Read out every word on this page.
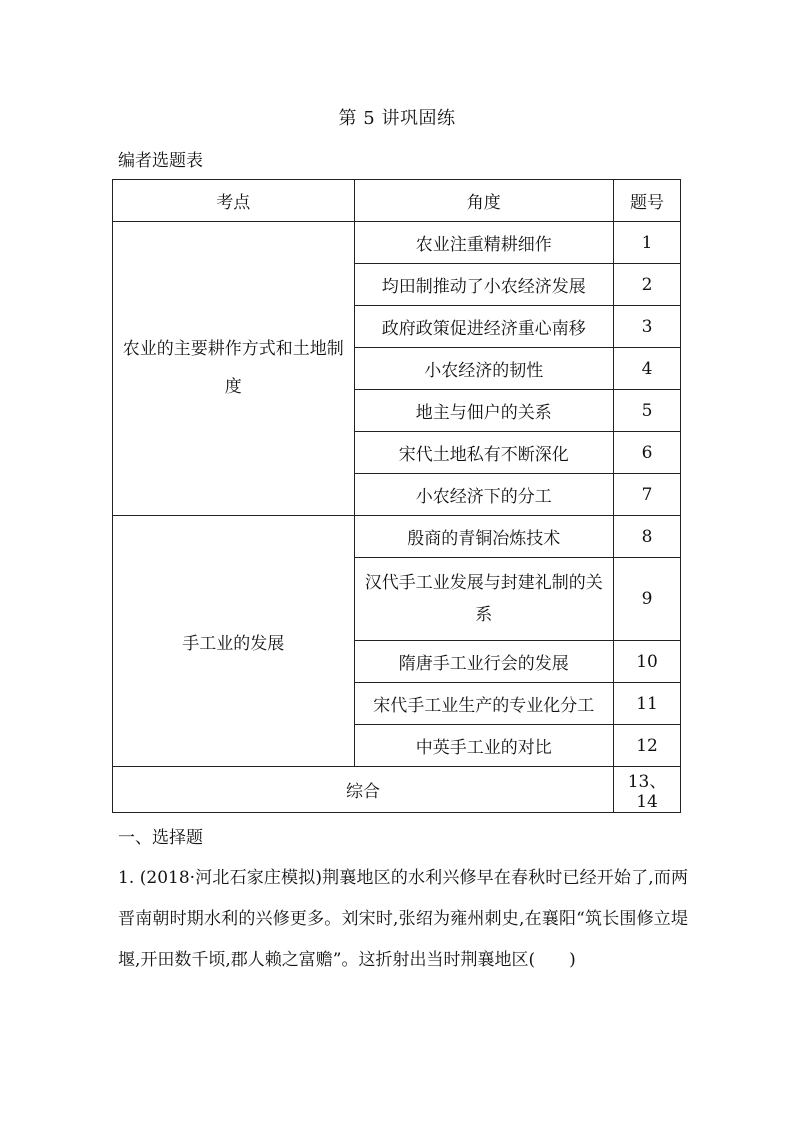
第 5 讲巩固练
编者选题表
考点	角度	题号
农业的主要耕作方式和土地制度	农业注重精耕细作	1
	均田制推动了小农经济发展	2
	政府政策促进经济重心南移	3
	小农经济的韧性	4
	地主与佃户的关系	5
	宋代土地私有不断深化	6
	小农经济下的分工	7
手工业的发展	殷商的青铜冶炼技术	8
	汉代手工业发展与封建礼制的关系	9
	隋唐手工业行会的发展	10
	宋代手工业生产的专业化分工	11
	中英手工业的对比	12
综合		13、14
一、选择题
1. (2018·河北石家庄模拟)荆襄地区的水利兴修早在春秋时已经开始了,而两晋南朝时期水利的兴修更多。刘宋时,张绍为雍州刺史,在襄阳“筑长围修立堤堰,开田数千顷,郡人赖之富赡”。这折射出当时荆襄地区(　　)
